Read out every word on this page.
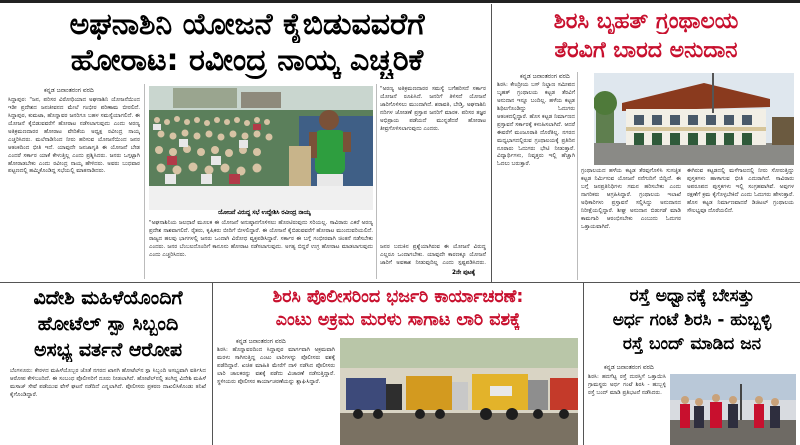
ಅಘನಾಶಿನಿ ಯೋಜನೆ ಕೈಬಿಡುವವರೆಗೆ
ಹೋರಾಟ: ರವೀಂದ್ರ ನಾಯ್ಕ ಎಚ್ಚರಿಕೆ
ಕನ್ನಡ ಜನಾಂತರಂಗ ವರದಿ

ಸಿದ್ದಾಪುರ: "ಜನ, ಪರಿಸರ ವಿರೋಧಿಯಾದ ಅಘನಾಶಿನಿ ಯೋಜನೆಯಿಂದ ಇಡೀ ಪ್ರದೇಶದ ಜನಜೀವನದ ಮೇಲೆ ಗಂಭೀರ ಪರಿಣಾಮ ಬೀರಲಿದೆ. ಸಿದ್ದಾಪುರ, ಕುಮಟಾ, ಹೊನ್ನಾವರ ಜನರಿಗೂ ಬಹಳ ಸಮಸ್ಯೆಯಾಗಲಿದೆ. ಈ ಯೋಜನೆ ಕೈಬಿಡುವವರೆಗೆ ಹೋರಾಟ ನಡೆಸಲಾಗುವುದು ಎಂದು ಅರಣ್ಯ ಅತಿಕ್ರಮಣದಾರರ ಹೋರಾಟ ವೇದಿಕೆಯ ಅಧ್ಯಕ್ಷ ರವೀಂದ್ರ ನಾಯ್ಕ ಎಚ್ಚರಿಸಿದರು. ಮಲೆನಾಡಿನಿಂದ ನೀರು ಹರಿಸುವ ಯೋಜನೆಯಿಂದ ಜನರ ಆತಂಕದಿಂದ ಭೀತಿ ಇದೆ. ಯಾವುದೇ ಜನಜಾಗೃತಿ ಈ ಯೋಜನೆ ಬೇಡ ಎಂದರೆ ಸರ್ಕಾರ ಯಾಕೆ ಕೇಳುತ್ತಿಲ್ಲ ಎಂದು ಪ್ರಶ್ನಿಸಿದರು. ಜನರು ಒಗ್ಗಟ್ಟಾಗಿ ಹೋರಾಡಬೇಕು ಎಂದು ರವೀಂದ್ರ ನಾಯ್ಕ ಹೇಳಿದರು. ಅವರು ಬುಧವಾರ ಪಟ್ಟಣದಲ್ಲಿ ಹಮ್ಮಿಕೊಂಡಿದ್ದ ಸಭೆಯಲ್ಲಿ ಮಾತನಾಡಿದರು.

ಯೋಜನೆ ವಿರುದ್ಧ ಸಭೆ ಉದ್ದೇಶಿಸಿ ರವೀಂದ್ರ ನಾಯ್ಕ

"ಅಘನಾಶಿನಿಯ ಜಲಧಾರೆ ಮೂಲಕ ಈ ಯೋಜನೆ ಅನುಷ್ಠಾನಗೊಳಿಸಲು ಹೊರಟಿರುವುದು ಸರಿಯಲ್ಲ. ಸಾವಿರಾರು ಎಕರೆ ಅರಣ್ಯ ಪ್ರದೇಶ ನಾಶವಾಗಲಿದೆ. ರೈತರು, ಕೃಷಿಕರು ಬೀದಿಗೆ ಬೀಳಲಿದ್ದಾರೆ. ಈ ಯೋಜನೆ ಕೈಬಿಡುವವರೆಗೆ ಹೋರಾಟ ಮುಂದುವರಿಯಲಿದೆ. ರಾಜ್ಯದ ಹಲವು ಭಾಗಗಳಲ್ಲಿ ಜನರು ಒಂದಾಗಿ ವಿರೋಧ ವ್ಯಕ್ತಪಡಿಸಿದ್ದಾರೆ. ಸರ್ಕಾರ ಈ ಬಗ್ಗೆ ಗಂಭೀರವಾಗಿ ಚಿಂತನೆ ನಡೆಸಬೇಕು ಎಂದರು. ಜನರ ಬೆಂಬಲದೊಂದಿಗೆ ಕಾನೂನು ಹೋರಾಟ ನಡೆಸಲಾಗುವುದು. ಅಗತ್ಯ ಬಿದ್ದರೆ ಉಗ್ರ ಹೋರಾಟ ಮಾಡಲಾಗುವುದು ಎಂದು ಎಚ್ಚರಿಸಿದರು.

"ಅರಣ್ಯ ಅತಿಕ್ರಮಣದಾರರ ಸಮಸ್ಯೆ ಬಗೆಹರಿಸದೆ ಸರ್ಕಾರ ಯೋಜನೆ ರೂಪಿಸಿದೆ. ಜನರಿಗೆ ತಿಳಿಸದೆ ಯೋಜನೆ ಜಾರಿಗೊಳಿಸಲು ಮುಂದಾಗಿದೆ. ಶರಾವತಿ, ಬೇಡ್ತಿ, ಅಘನಾಶಿನಿ ನದಿಗಳ ಜೋಡಣೆ ಪ್ರಸ್ತಾಪ ಜನರಿಗೆ ಮಾರಕ. ಪರಿಸರ ತಜ್ಞರ ಅಭಿಪ್ರಾಯ ಪಡೆಯದೆ ಮುನ್ನಡೆದರೆ ಹೋರಾಟ ತೀವ್ರಗೊಳಿಸಲಾಗುವುದು ಎಂದರು.

ಜನರ ಬದುಕಿನ ಪ್ರಶ್ನೆಯಾಗಿರುವ ಈ ಯೋಜನೆ ವಿರುದ್ಧ ಎಲ್ಲರೂ ಒಂದಾಗಬೇಕು. ಯಾವುದೇ ಕಾರಣಕ್ಕೂ ಯೋಜನೆ ಜಾರಿಗೆ ಅವಕಾಶ ನೀಡುವುದಿಲ್ಲ ಎಂದು ಸ್ಪಷ್ಟಪಡಿಸಿದರು.

2ನೇ ಪುಟಕ್ಕೆ
ಶಿರಸಿ ಬೃಹತ್ ಗ್ರಂಥಾಲಯ
ತೆರವಿಗೆ ಬಾರದ ಅನುದಾನ
ಕನ್ನಡ ಜನಾಂತರಂಗ ವರದಿ

ಶಿರಸಿ: ಕೇಂದ್ರೀಯ ಬಸ್ ನಿಲ್ದಾಣ ಸಮೀಪದ ಬೃಹತ್ ಗ್ರಂಥಾಲಯ ಕಟ್ಟಡ ತೆರವಿಗೆ ಅನುದಾನ ಇನ್ನೂ ಬಂದಿಲ್ಲ. ಹಳೆಯ ಕಟ್ಟಡ ಶಿಥಿಲಗೊಂಡಿದ್ದು ಓದುಗರು ಆತಂಕದಲ್ಲಿದ್ದಾರೆ. ಹೊಸ ಕಟ್ಟಡ ನಿರ್ಮಾಣದ ಪ್ರಸ್ತಾವನೆ ಸರ್ಕಾರಕ್ಕೆ ಕಳುಹಿಸಲಾಗಿದೆ. ಆದರೆ ಈವರೆಗೆ ಮಂಜೂರಾತಿ ದೊರೆತಿಲ್ಲ. ನಗರದ ಮಧ್ಯಭಾಗದಲ್ಲಿರುವ ಗ್ರಂಥಾಲಯಕ್ಕೆ ಪ್ರತಿದಿನ ನೂರಾರು ಓದುಗರು ಭೇಟಿ ನೀಡುತ್ತಾರೆ. ವಿದ್ಯಾರ್ಥಿಗಳು, ನಿವೃತ್ತರು ಇಲ್ಲಿ ಹೆಚ್ಚಾಗಿ ಓದಲು ಬರುತ್ತಾರೆ.

ಗ್ರಂಥಾಲಯದ ಹಳೆಯ ಕಟ್ಟಡ ತೆರವುಗೊಳಿಸಿ ಸುಸಜ್ಜಿತ ಕಟ್ಟಡ ನಿರ್ಮಿಸುವ ಯೋಜನೆ ನನೆಗುದಿಗೆ ಬಿದ್ದಿದೆ. ಈ ಬಗ್ಗೆ ಜನಪ್ರತಿನಿಧಿಗಳು ಗಮನ ಹರಿಸಬೇಕು ಎಂದು ನಾಗರಿಕರು ಆಗ್ರಹಿಸಿದ್ದಾರೆ. ಗ್ರಂಥಾಲಯ ಇಲಾಖೆ ಅಧಿಕಾರಿಗಳು ಪ್ರಸ್ತಾವನೆ ಸಲ್ಲಿಸಿದ್ದು ಅನುದಾನದ ನಿರೀಕ್ಷೆಯಲ್ಲಿದ್ದಾರೆ. ಶೀಘ್ರ ಅನುದಾನ ಬಿಡುಗಡೆ ಮಾಡಿ ಕಾಮಗಾರಿ ಆರಂಭಿಸಬೇಕು ಎಂಬುದು ಓದುಗರ ಒತ್ತಾಯವಾಗಿದೆ.

ಈಗಿರುವ ಕಟ್ಟಡದಲ್ಲಿ ಮಳೆಗಾಲದಲ್ಲಿ ನೀರು ಸೋರುತ್ತಿದ್ದು ಪುಸ್ತಕಗಳು ಹಾಳಾಗುವ ಭೀತಿ ಎದುರಾಗಿದೆ. ಸಾವಿರಾರು ಅಪರೂಪದ ಪುಸ್ತಕಗಳು ಇಲ್ಲಿ ಸಂಗ್ರಹವಾಗಿವೆ. ಅವುಗಳ ರಕ್ಷಣೆಗೆ ಕ್ರಮ ಕೈಗೊಳ್ಳಬೇಕಿದೆ ಎಂದು ಓದುಗರು ಹೇಳುತ್ತಾರೆ. ಹೊಸ ಕಟ್ಟಡ ನಿರ್ಮಾಣವಾದರೆ ಡಿಜಿಟಲ್ ಗ್ರಂಥಾಲಯ ಸೌಲಭ್ಯವೂ ದೊರೆಯಲಿದೆ.

ವಿದೇಶಿ ಮಹಿಳೆಯೊಂದಿಗೆ
ಹೋಟೆಲ್ ಸ್ಪಾ ಸಿಬ್ಬಂದಿ
ಅಸಭ್ಯ ವರ್ತನೆ ಆರೋಪ

ಬೆಂಗಳೂರು: ಕೇರಳದ ಮಹಿಳೆಯೊಬ್ಬರ ಜೊತೆ ನಗರದ ಖಾಸಗಿ ಹೋಟೆಲ್‌ನ ಸ್ಪಾ ಸಿಬ್ಬಂದಿ ಅಸಭ್ಯವಾಗಿ ವರ್ತಿಸಿದ ಆರೋಪ ಕೇಳಿಬಂದಿದೆ. ಈ ಸಂಬಂಧ ಪೊಲೀಸರಿಗೆ ದೂರು ನೀಡಲಾಗಿದೆ. ಹೋಟೆಲ್‌ನಲ್ಲಿ ತಂಗಿದ್ದ ವಿದೇಶಿ ಮಹಿಳೆ ಮಸಾಜ್ ಸೇವೆ ಪಡೆಯುವ ವೇಳೆ ಘಟನೆ ನಡೆದಿದೆ ಎನ್ನಲಾಗಿದೆ. ಪೊಲೀಸರು ಪ್ರಕರಣ ದಾಖಲಿಸಿಕೊಂಡು ತನಿಖೆ ಕೈಗೊಂಡಿದ್ದಾರೆ.

ಶಿರಸಿ ಪೊಲೀಸರಿಂದ ಭರ್ಜರಿ ಕಾರ್ಯಾಚರಣೆ:
ಎಂಟು ಅಕ್ರಮ ಮರಳು ಸಾಗಾಟ ಲಾರಿ ವಶಕ್ಕೆ
ಕನ್ನಡ ಜನಾಂತರಂಗ ವರದಿ

ಶಿರಸಿ: ಹೊನ್ನಾವರದಿಂದ ಸಿದ್ದಾಪುರ ಮಾರ್ಗವಾಗಿ ಅಕ್ರಮವಾಗಿ ಮರಳು ಸಾಗಿಸುತ್ತಿದ್ದ ಎಂಟು ಲಾರಿಗಳನ್ನು ಪೊಲೀಸರು ವಶಕ್ಕೆ ಪಡೆದಿದ್ದಾರೆ. ಖಚಿತ ಮಾಹಿತಿ ಮೇರೆಗೆ ದಾಳಿ ನಡೆಸಿದ ಪೊಲೀಸರು ಲಾರಿ ಚಾಲಕರನ್ನು ವಶಕ್ಕೆ ಪಡೆದು ವಿಚಾರಣೆ ನಡೆಸುತ್ತಿದ್ದಾರೆ. ಸ್ಥಳೀಯರು ಪೊಲೀಸರ ಕಾರ್ಯಾಚರಣೆಯನ್ನು ಶ್ಲಾಘಿಸಿದ್ದಾರೆ.

ರಸ್ತೆ ಅಧ್ವಾನಕ್ಕೆ ಬೇಸತ್ತು
ಅರ್ಧ ಗಂಟೆ ಶಿರಸಿ - ಹುಬ್ಬಳ್ಳಿ
ರಸ್ತೆ ಬಂದ್ ಮಾಡಿದ ಜನ
ಕನ್ನಡ ಜನಾಂತರಂಗ ವರದಿ

ಶಿರಸಿ: ಹದಗೆಟ್ಟ ರಸ್ತೆ ದುರಸ್ತಿಗೆ ಒತ್ತಾಯಿಸಿ ಗ್ರಾಮಸ್ಥರು ಅರ್ಧ ಗಂಟೆ ಶಿರಸಿ - ಹುಬ್ಬಳ್ಳಿ ರಸ್ತೆ ಬಂದ್ ಮಾಡಿ ಪ್ರತಿಭಟನೆ ನಡೆಸಿದರು.
